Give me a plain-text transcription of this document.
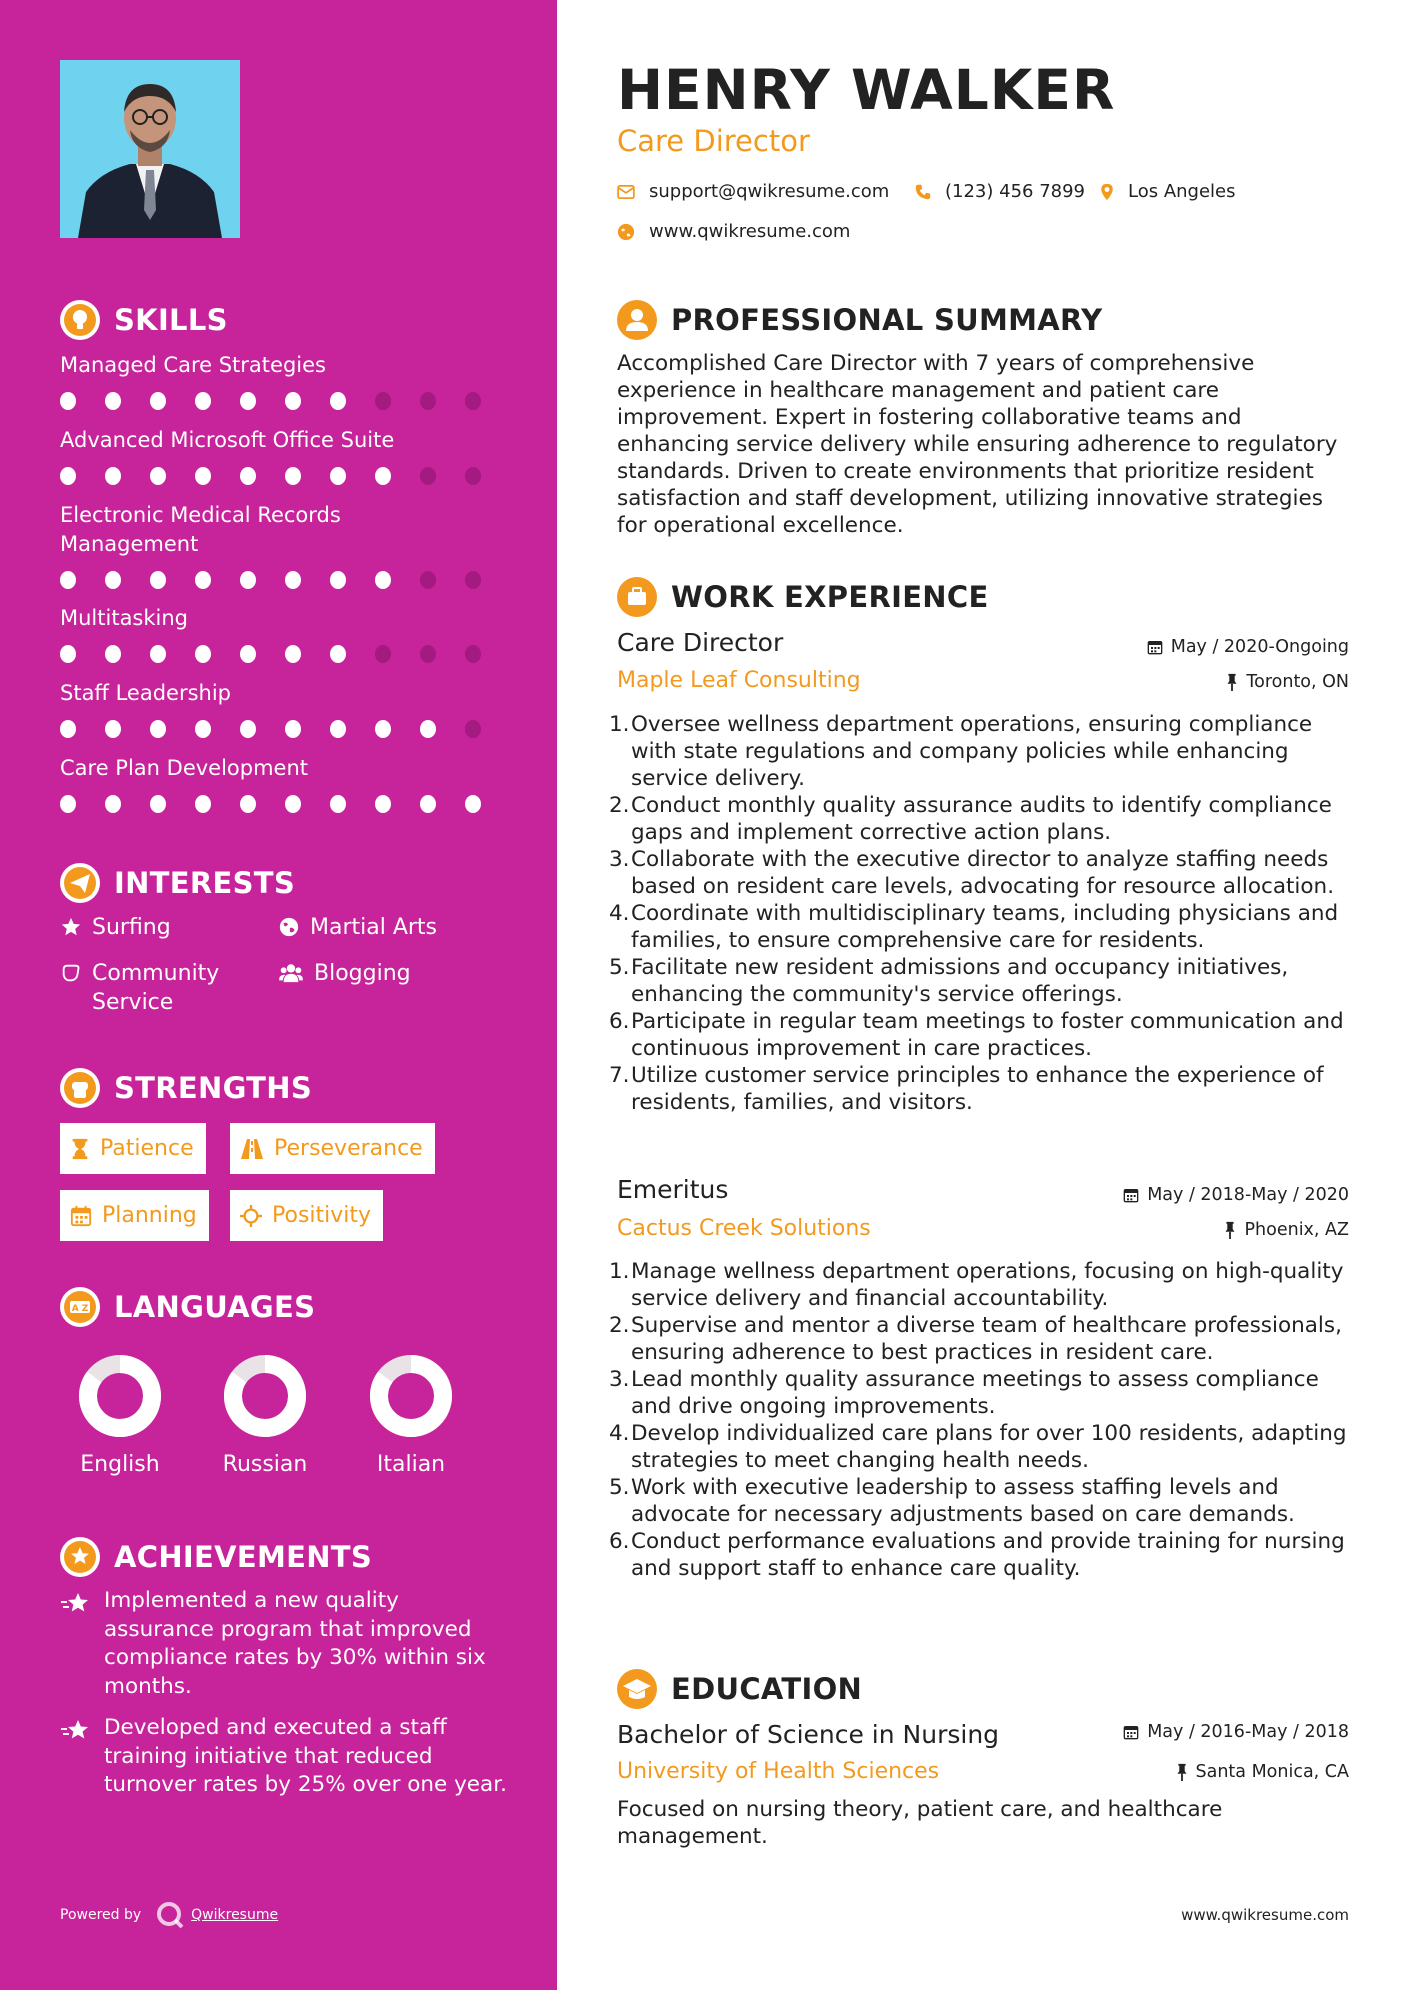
SKILLS
Managed Care Strategies
Advanced Microsoft Office Suite
Electronic Medical Records Management
Multitasking
Staff Leadership
Care Plan Development
INTERESTS
Surfing	Martial Arts
Community Service
Blogging
STRENGTHS
Patience	Perseverance
Planning	Positivity
A Z LANGUAGES
English	Russian	Italian
ACHIEVEMENTS
Implemented a new quality assurance program that improved compliance rates by 30% within six months.
Developed and executed a staff training initiative that reduced turnover rates by 25% over one year.
Powered by	Qwikresume
HENRY WALKER
Care Director
support@qwikresume.com	(123) 456 7899 Los Angeles
www.qwikresume.com
PROFESSIONAL SUMMARY
Accomplished Care Director with 7 years of comprehensive experience in healthcare management and patient care improvement. Expert in fostering collaborative teams and enhancing service delivery while ensuring adherence to regulatory standards. Driven to create environments that prioritize resident satisfaction and staff development, utilizing innovative strategies for operational excellence.
WORK EXPERIENCE
Care Director	May / 2020-Ongoing
Maple Leaf Consulting	Toronto, ON
1. Oversee wellness department operations, ensuring compliance with state regulations and company policies while enhancing service delivery.
2. Conduct monthly quality assurance audits to identify compliance gaps and implement corrective action plans.
3. Collaborate with the executive director to analyze staffing needs based on resident care levels, advocating for resource allocation.
4. Coordinate with multidisciplinary teams, including physicians and families, to ensure comprehensive care for residents.
5. Facilitate new resident admissions and occupancy initiatives, enhancing the community's service offerings.
6. Participate in regular team meetings to foster communication and continuous improvement in care practices.
7. Utilize customer service principles to enhance the experience of residents, families, and visitors.
Emeritus	May / 2018-May / 2020
Cactus Creek Solutions	Phoenix, AZ
1. Manage wellness department operations, focusing on high-quality service delivery and financial accountability.
2. Supervise and mentor a diverse team of healthcare professionals, ensuring adherence to best practices in resident care.
3. Lead monthly quality assurance meetings to assess compliance and drive ongoing improvements.
4. Develop individualized care plans for over 100 residents, adapting strategies to meet changing health needs.
5. Work with executive leadership to assess staffing levels and advocate for necessary adjustments based on care demands.
6. Conduct performance evaluations and provide training for nursing and support staff to enhance care quality.
EDUCATION
Bachelor of Science in Nursing	May / 2016-May / 2018
University of Health Sciences	Santa Monica, CA
Focused on nursing theory, patient care, and healthcare management.
www.qwikresume.com
